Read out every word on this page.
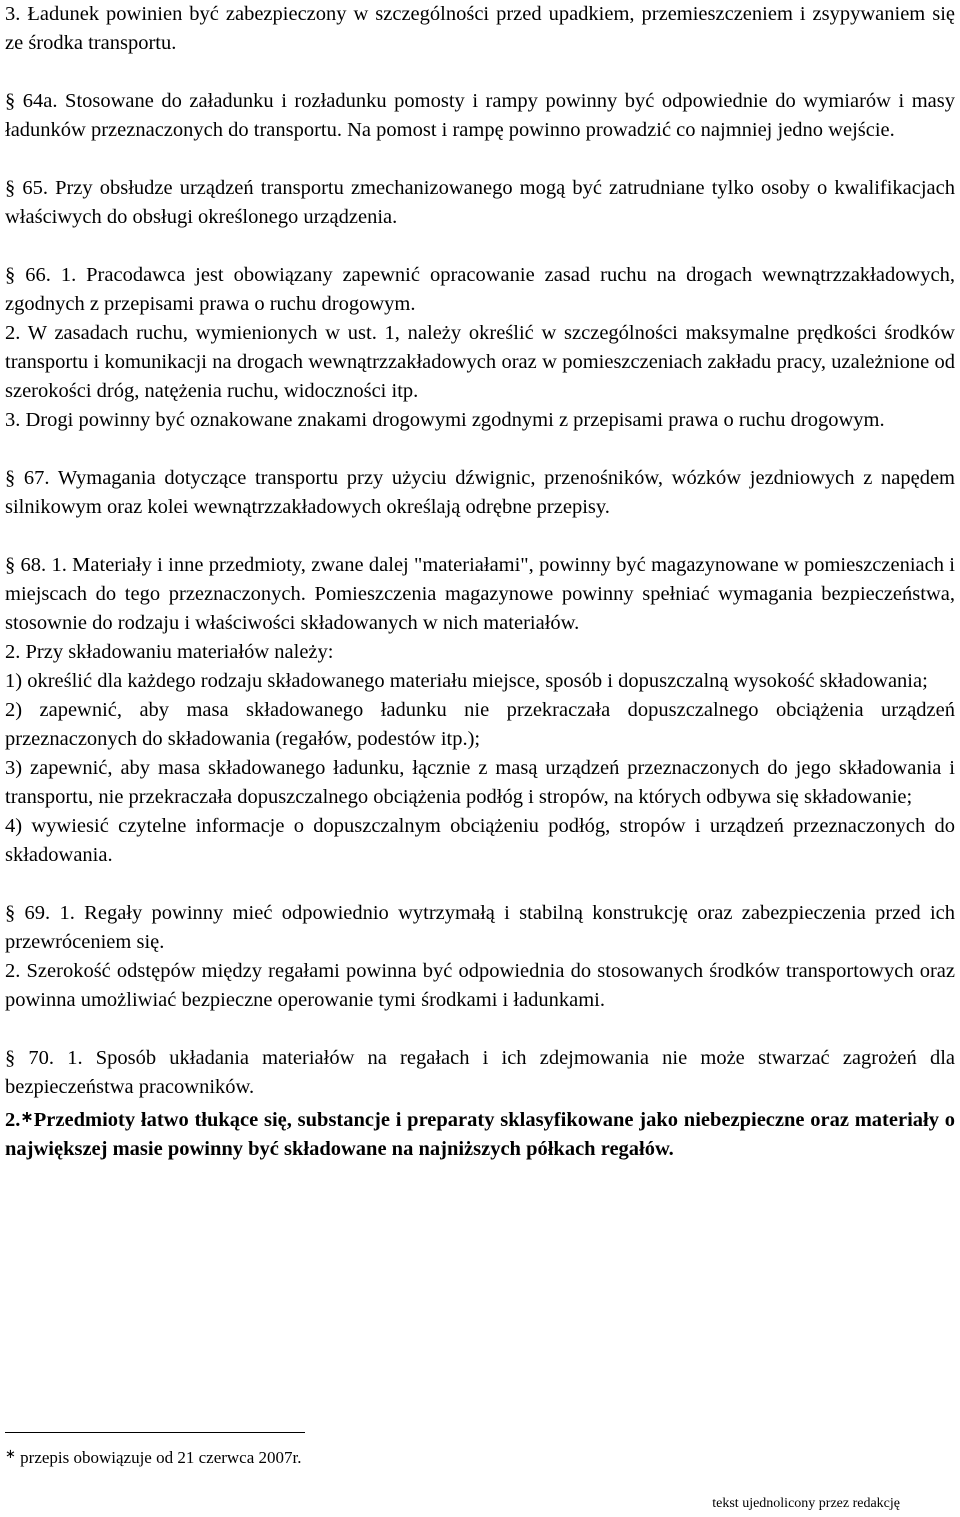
3. Ładunek powinien być zabezpieczony w szczególności przed upadkiem, przemieszczeniem i zsypywaniem się ze środka transportu.

§ 64a. Stosowane do załadunku i rozładunku pomosty i rampy powinny być odpowiednie do wymiarów i masy ładunków przeznaczonych do transportu. Na pomost i rampę powinno prowadzić co najmniej jedno wejście.

§ 65. Przy obsłudze urządzeń transportu zmechanizowanego mogą być zatrudniane tylko osoby o kwalifikacjach właściwych do obsługi określonego urządzenia.

§ 66. 1. Pracodawca jest obowiązany zapewnić opracowanie zasad ruchu na drogach wewnątrzzakładowych, zgodnych z przepisami prawa o ruchu drogowym.

2. W zasadach ruchu, wymienionych w ust. 1, należy określić w szczególności maksymalne prędkości środków transportu i komunikacji na drogach wewnątrzzakładowych oraz w pomieszczeniach zakładu pracy, uzależnione od szerokości dróg, natężenia ruchu, widoczności itp.

3. Drogi powinny być oznakowane znakami drogowymi zgodnymi z przepisami prawa o ruchu drogowym.

§ 67. Wymagania dotyczące transportu przy użyciu dźwignic, przenośników, wózków jezdniowych z napędem silnikowym oraz kolei wewnątrzzakładowych określają odrębne przepisy.

§ 68. 1. Materiały i inne przedmioty, zwane dalej "materiałami", powinny być magazynowane w pomieszczeniach i miejscach do tego przeznaczonych. Pomieszczenia magazynowe powinny spełniać wymagania bezpieczeństwa, stosownie do rodzaju i właściwości składowanych w nich materiałów.

2. Przy składowaniu materiałów należy:

1) określić dla każdego rodzaju składowanego materiału miejsce, sposób i dopuszczalną wysokość składowania;

2) zapewnić, aby masa składowanego ładunku nie przekraczała dopuszczalnego obciążenia urządzeń przeznaczonych do składowania (regałów, podestów itp.);

3) zapewnić, aby masa składowanego ładunku, łącznie z masą urządzeń przeznaczonych do jego składowania i transportu, nie przekraczała dopuszczalnego obciążenia podłóg i stropów, na których odbywa się składowanie;

4) wywiesić czytelne informacje o dopuszczalnym obciążeniu podłóg, stropów i urządzeń przeznaczonych do składowania.

§ 69. 1. Regały powinny mieć odpowiednio wytrzymałą i stabilną konstrukcję oraz zabezpieczenia przed ich przewróceniem się.

2. Szerokość odstępów między regałami powinna być odpowiednia do stosowanych środków transportowych oraz powinna umożliwiać bezpieczne operowanie tymi środkami i ładunkami.

§ 70. 1. Sposób układania materiałów na regałach i ich zdejmowania nie może stwarzać zagrożeń dla bezpieczeństwa pracowników.

2.∗Przedmioty łatwo tłukące się, substancje i preparaty sklasyfikowane jako niebezpieczne oraz materiały o największej masie powinny być składowane na najniższych półkach regałów.

∗ przepis obowiązuje od 21 czerwca 2007r.
tekst ujednolicony przez redakcję
